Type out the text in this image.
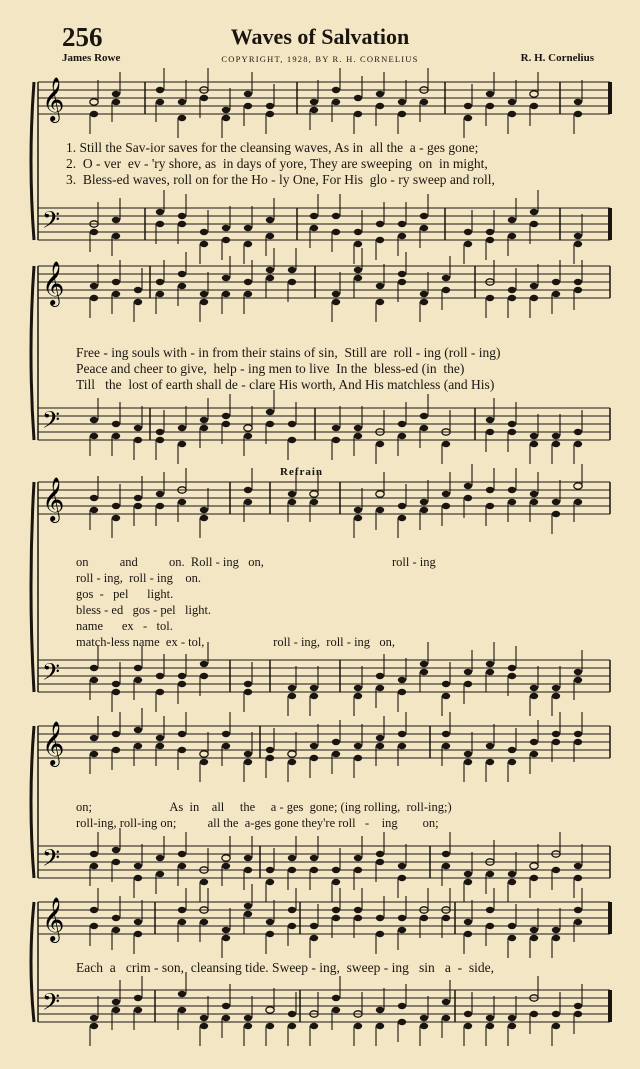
𝄞
𝄢
𝄞
𝄢
𝄞
𝄢
𝄞
𝄢
𝄞
𝄢
256	Waves of Salvation
James Rowe	COPYRIGHT, 1928, BY R. H. CORNELIUS	R. H. Cornelius
1. Still the Sav-ior saves for the cleansing waves, As in  all the  a - ges gone;
2.  O - ver  ev - 'ry shore, as  in days of yore, They are sweeping  on  in might,
3.  Bless-ed waves, roll on for the Ho - ly One, For His  glo - ry sweep and roll,
Free - ing souls with - in from their stains of sin,  Still are  roll - ing (roll - ing)
Peace and cheer to give,  help - ing men to live  In the  bless-ed (in  the)
Till   the  lost of earth shall de - clare His worth, And His matchless (and His)
Refrain
on          and          on.  Roll - ing   on,                                         roll - ing
roll - ing,  roll - ing    on.
gos  -   pel      light.
bless - ed   gos - pel   light.
name      ex   -   tol.
match-less name  ex - tol,                      roll - ing,  roll - ing   on,
on;                         As  in    all     the     a - ges  gone; (ing rolling,  roll-ing;)
roll-ing, roll-ing on;          all the  a-ges gone they're roll   -    ing        on;
Each  a   crim - son,  cleansing tide. Sweep - ing,  sweep - ing   sin   a  -  side,
